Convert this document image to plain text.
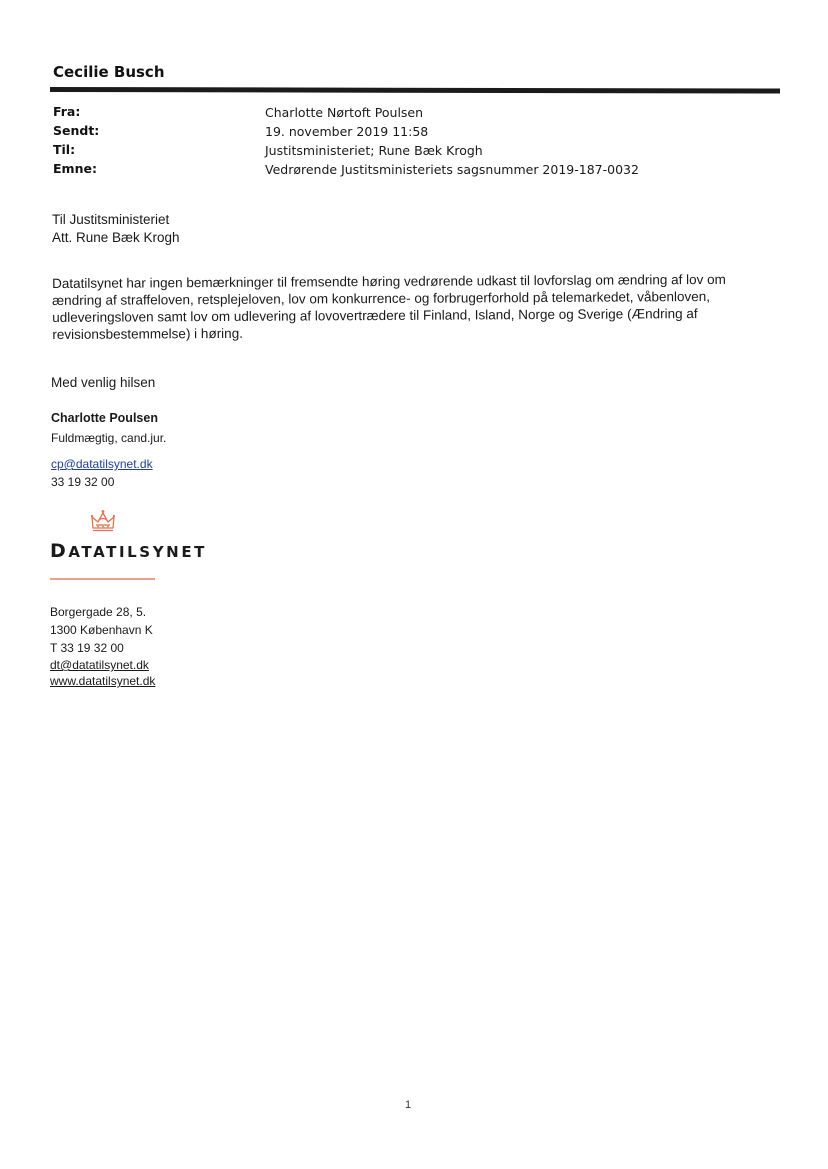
Cecilie Busch
Fra:	Charlotte Nørtoft Poulsen
Sendt:	19. november 2019 11:58
Til:	Justitsministeriet; Rune Bæk Krogh
Emne:	Vedrørende Justitsministeriets sagsnummer 2019-187-0032
Til Justitsministeriet
Att. Rune Bæk Krogh
Datatilsynet har ingen bemærkninger til fremsendte høring vedrørende udkast til lovforslag om ændring af lov om
ændring af straffeloven, retsplejeloven, lov om konkurrence- og forbrugerforhold på telemarkedet, våbenloven,
udleveringsloven samt lov om udlevering af lovovertrædere til Finland, Island, Norge og Sverige (Ændring af
revisionsbestemmelse) i høring.
Med venlig hilsen
Charlotte Poulsen
Fuldmægtig, cand.jur.
cp@datatilsynet.dk
33 19 32 00
DATATILSYNET
Borgergade 28, 5.
1300 København K
T 33 19 32 00
dt@datatilsynet.dk
www.datatilsynet.dk
1
